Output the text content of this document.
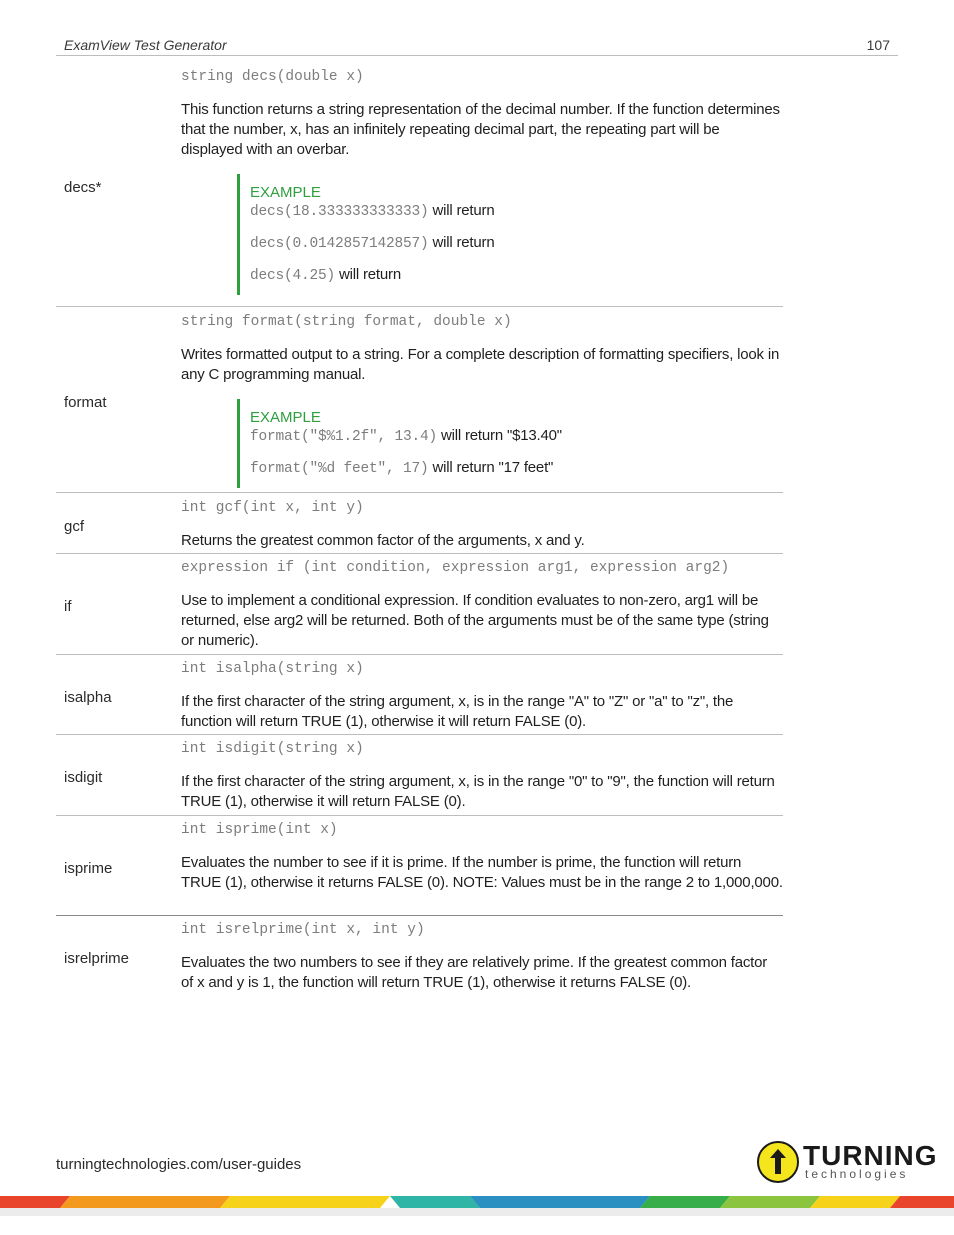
ExamView Test Generator	107
decs*
string decs(double x)

This function returns a string representation of the decimal number. If the function determines that the number, x, has an infinitely repeating decimal part, the repeating part will be displayed with an overbar.

EXAMPLE
decs(18.333333333333) will return
decs(0.0142857142857) will return
decs(4.25) will return
format
string format(string format, double x)

Writes formatted output to a string. For a complete description of formatting specifiers, look in any C programming manual.

EXAMPLE
format("$%1.2f", 13.4) will return "$13.40"
format("%d feet", 17) will return "17 feet"
gcf
int gcf(int x, int y)

Returns the greatest common factor of the arguments, x and y.

if
expression if (int condition, expression arg1, expression arg2)

Use to implement a conditional expression. If condition evaluates to non-zero, arg1 will be returned, else arg2 will be returned. Both of the arguments must be of the same type (string or numeric).

isalpha
int isalpha(string x)

If the first character of the string argument, x, is in the range "A" to "Z" or "a" to "z", the function will return TRUE (1), otherwise it will return FALSE (0).

isdigit
int isdigit(string x)

If the first character of the string argument, x, is in the range "0" to "9", the function will return TRUE (1), otherwise it will return FALSE (0).

isprime
int isprime(int x)

Evaluates the number to see if it is prime. If the number is prime, the function will return TRUE (1), otherwise it returns FALSE (0). NOTE: Values must be in the range 2 to 1,000,000.

isrelprime
int isrelprime(int x, int y)

Evaluates the two numbers to see if they are relatively prime. If the greatest common factor of x and y is 1, the function will return TRUE (1), otherwise it returns FALSE (0).

turningtechnologies.com/user-guides	TURNING
technologies
